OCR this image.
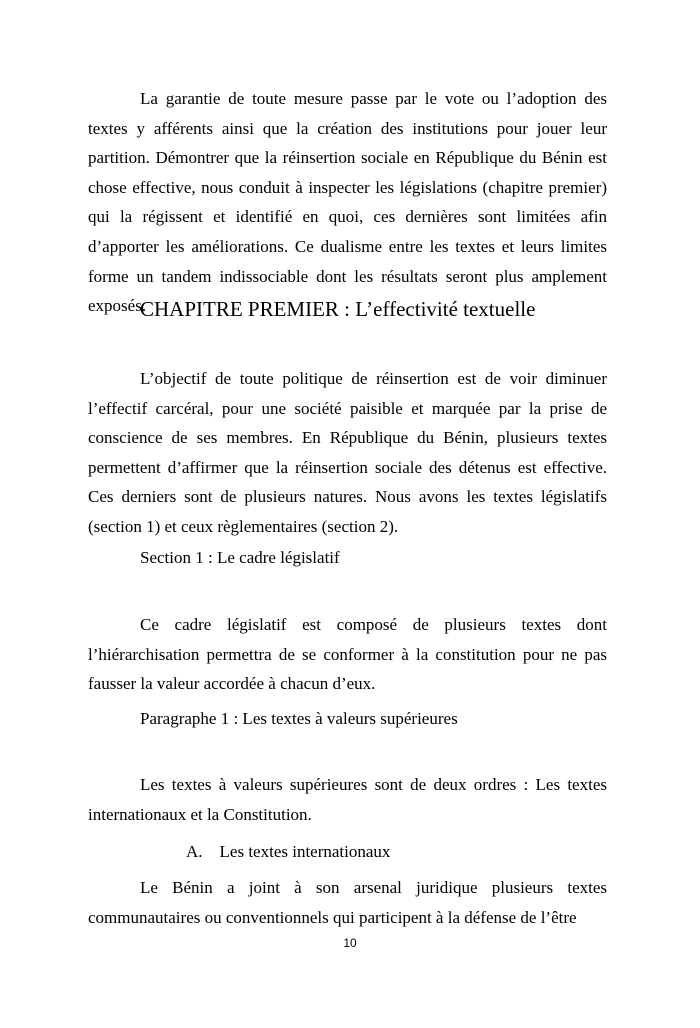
La garantie de toute mesure passe par le vote ou l’adoption des textes y afférents ainsi que la création des institutions pour jouer leur partition. Démontrer que la réinsertion sociale en République du Bénin est chose effective, nous conduit à inspecter les législations (chapitre premier) qui la régissent et identifié en quoi, ces dernières sont limitées afin d’apporter les améliorations. Ce dualisme entre les textes et leurs limites forme un tandem indissociable dont les résultats seront plus amplement exposés.

CHAPITRE PREMIER : L’effectivité textuelle

L’objectif de toute politique de réinsertion est de voir diminuer l’effectif carcéral, pour une société paisible et marquée par la prise de conscience de ses membres. En République du Bénin, plusieurs textes permettent d’affirmer que la réinsertion sociale des détenus est effective. Ces derniers sont de plusieurs natures. Nous avons les textes législatifs (section 1) et ceux règlementaires (section 2).

Section 1 : Le cadre législatif

Ce cadre législatif est composé de plusieurs textes dont l’hiérarchisation permettra de se conformer à la constitution pour ne pas fausser la valeur accordée à chacun d’eux.

Paragraphe 1 : Les textes à valeurs supérieures

Les textes à valeurs supérieures sont de deux ordres : Les textes internationaux et la Constitution.

A.    Les textes internationaux

Le Bénin a joint à son arsenal juridique plusieurs textes communautaires ou conventionnels qui participent à la défense de l’être

10
